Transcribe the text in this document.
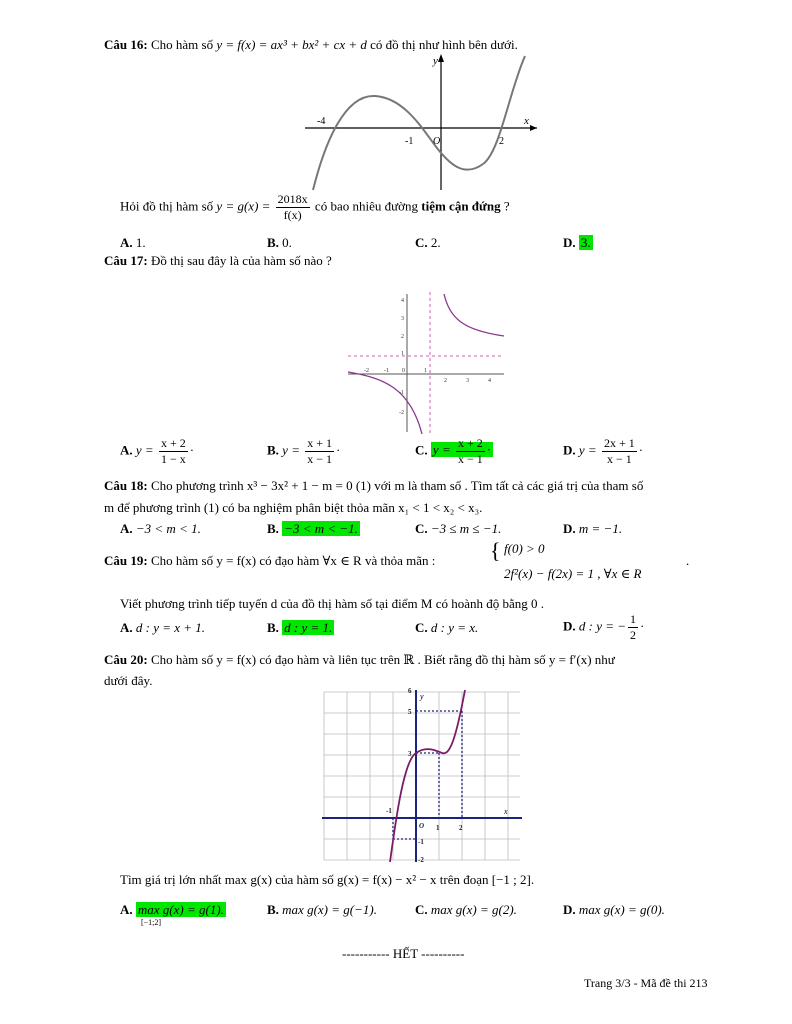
Câu 16: Cho hàm số y = f(x) = ax³ + bx² + cx + d có đồ thị như hình bên dưới.
y
x
O
-4
-1	2
Hỏi đồ thị hàm số $y = g(x) = \frac{2018x}{f(x)}$ có bao nhiêu đường tiệm cận đứng ?
A. 1.	B. 0.	C. 2.	D. 3.
Câu 17: Đồ thị sau đây là của hàm số nào ?
4
3
2
1
-1
-2
-2	-1 0	1
2	3	4
A. $y = \frac{x + 2}{1 - x}$ ·	B. $y = \frac{x + 1}{x - 1}$ ·	C. $y = \frac{x + 2}{x - 1}$ ·	D. $y = \frac{2x + 1}{x - 1}$ ·
Câu 18: Cho phương trình x³ − 3x² + 1 − m = 0 (1) với m là tham số . Tìm tất cả các giá trị của tham số
m để phương trình (1) có ba nghiệm phân biệt thỏa mãn x₁ < 1 < x₂ < x₃.
A. −3 < m < 1.	B. −3 < m < −1.	C. −3 ≤ m ≤ −1.	D. m = −1.
Câu 19: Cho hàm số y = f(x) có đạo hàm ∀x ∈ R và thỏa mãn : { f(0) > 0
2f²(x) − f(2x) = 1 , ∀x ∈ R
.
Viết phương trình tiếp tuyến d của đồ thị hàm số tại điểm M có hoành độ bằng 0 .
A. d : y = x + 1.	B. d : y = 1.	C. d : y = x.	D. d : y = − $\frac{1}{2}$ ·
Câu 20: Cho hàm số y = f(x) có đạo hàm và liên tục trên ℝ . Biết rằng đồ thị hàm số y = f′(x) như
dưới đây.
6
5
3
-1
-2
-1
1	2
O
y
x
Tìm giá trị lớn nhất max g(x) của hàm số g(x) = f(x) − x² − x trên đoạn [−1 ; 2].
A. max g(x) = g(1).	B. max g(x) = g(−1).	C. max g(x) = g(2).	D. max g(x) = g(0).
[−1;2]
----------- HẾT ----------
Trang 3/3 - Mã đề thi 213
